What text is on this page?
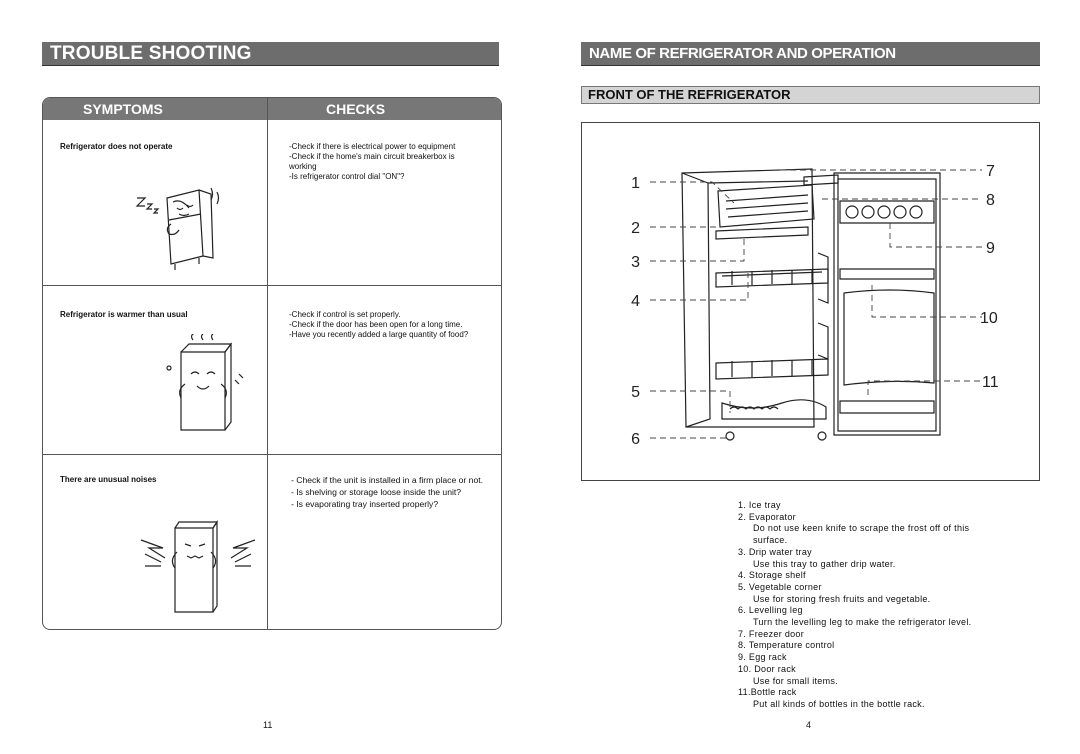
TROUBLE SHOOTING
SYMPTOMS	CHECKS
Refrigerator does not operate	-Check if there is electrical power to equipment
-Check if the home's main circuit breakerbox is
working
-Is refrigerator control dial "ON"?
Refrigerator is warmer than usual	-Check if control is set properly.
-Check if the door has been open for a long time.
-Have you recently added a large quantity of food?
There are unusual noises	- Check if the unit is installed in a firm place or not.
- Is shelving or storage loose inside the unit?
- Is evaporating tray inserted properly?
11
NAME OF REFRIGERATOR AND OPERATION
FRONT OF THE REFRIGERATOR
1
2
3
4
5
6
7
8
9
10
11
1. Ice tray
2. Evaporator
Do not use keen knife to scrape the frost off of this
surface.
3. Drip water tray
Use this tray to gather drip water.
4. Storage shelf
5. Vegetable corner
Use for storing fresh fruits and vegetable.
6. Levelling leg
Turn the levelling leg to make the refrigerator level.
7. Freezer door
8. Temperature control
9. Egg rack
10. Door rack
Use for small items.
11.Bottle rack
Put all kinds of bottles in the bottle rack.
4
